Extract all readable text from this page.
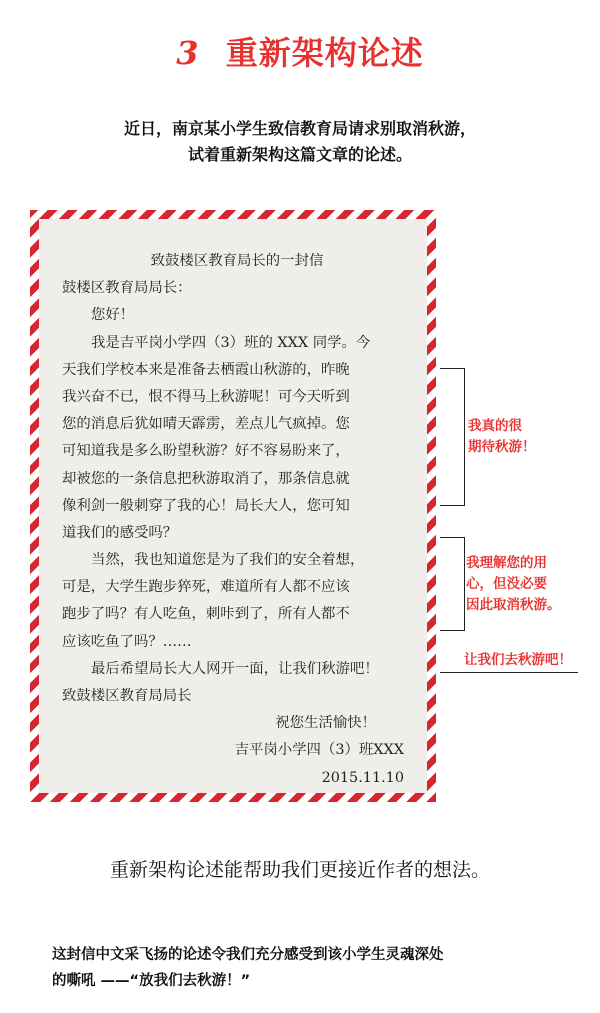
3 重新架构论述
近日，南京某小学生致信教育局请求别取消秋游，
试着重新架构这篇文章的论述。
致鼓楼区教育局长的一封信
鼓楼区教育局局长：
您好！
我是吉平岗小学四（3）班的 XXX 同学。今
天我们学校本来是准备去栖霞山秋游的，昨晚
我兴奋不已，恨不得马上秋游呢！可今天听到
您的消息后犹如晴天霹雳，差点儿气疯掉。您
可知道我是多么盼望秋游？好不容易盼来了，
却被您的一条信息把秋游取消了，那条信息就
像利剑一般刺穿了我的心！局长大人，您可知
道我们的感受吗？
当然，我也知道您是为了我们的安全着想，
可是，大学生跑步猝死，难道所有人都不应该
跑步了吗？有人吃鱼，刺咔到了，所有人都不
应该吃鱼了吗？……
最后希望局长大人网开一面，让我们秋游吧！
致鼓楼区教育局局长
祝您生活愉快！
吉平岗小学四（3）班XXX
2015.11.10
我真的很
期待秋游！
我理解您的用
心，但没必要
因此取消秋游。
让我们去秋游吧！
重新架构论述能帮助我们更接近作者的想法。
这封信中文采飞扬的论述令我们充分感受到该小学生灵魂深处
的嘶吼 ——“放我们去秋游！”
